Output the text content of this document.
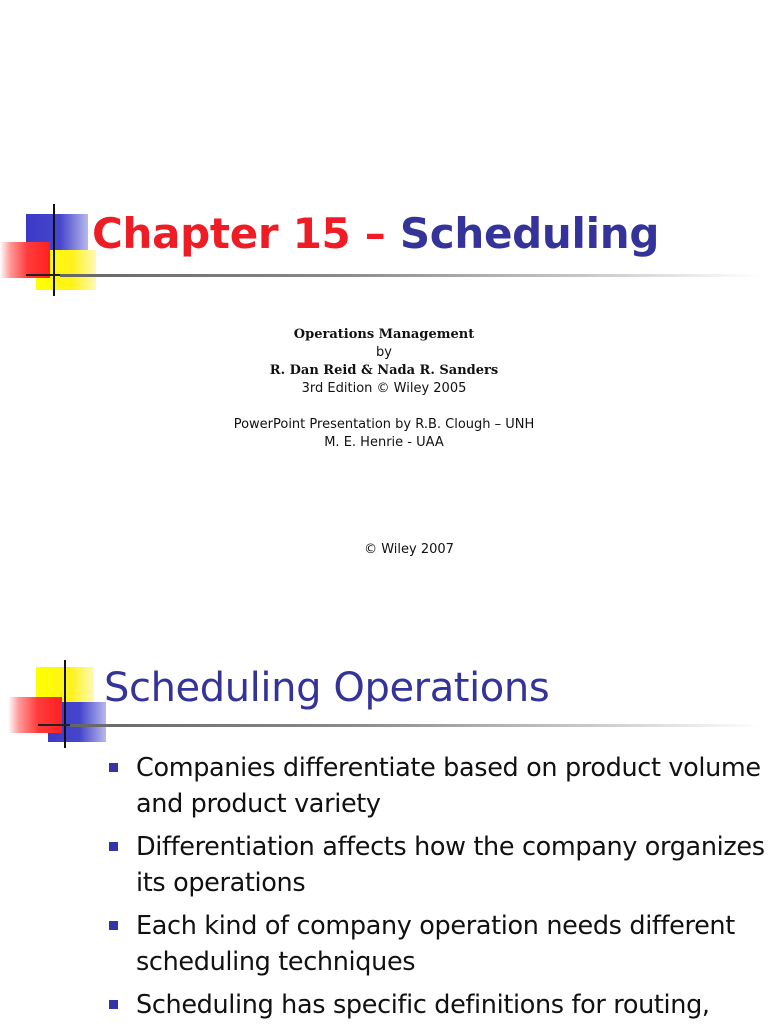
Chapter 15 – Scheduling
Operations Management
by
R. Dan Reid & Nada R. Sanders
3rd Edition © Wiley 2005
PowerPoint Presentation by R.B. Clough – UNH
M. E. Henrie - UAA
© Wiley 2007
Scheduling Operations
Companies differentiate based on product volume and product variety
Differentiation affects how the company organizes its operations
Each kind of company operation needs different scheduling techniques
Scheduling has specific definitions for routing,
